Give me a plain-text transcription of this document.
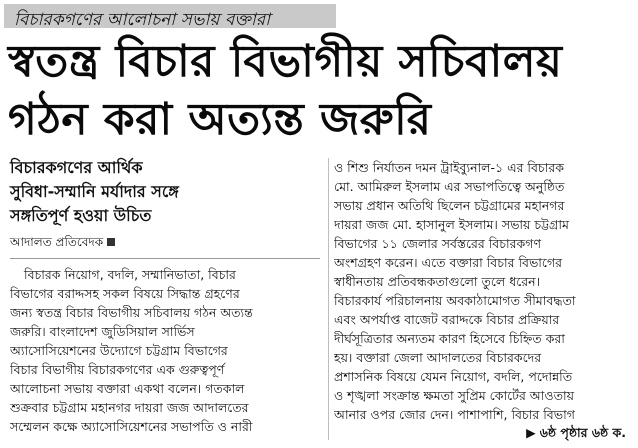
বিচারকগণের আলোচনা সভায় বক্তারা
স্বতন্ত্র বিচার বিভাগীয় সচিবালয়
গঠন করা অত্যন্ত জরুরি
বিচারকগণের আর্থিক
সুবিধা-সম্মানি মর্যাদার সঙ্গে
সঙ্গতিপূর্ণ হওয়া উচিত
আদালত প্রতিবেদক
বিচারক নিয়োগ, বদলি, সম্মানিভাতা, বিচার
বিভাগের বরাদ্দসহ সকল বিষয়ে সিদ্ধান্ত গ্রহণের
জন্য স্বতন্ত্র বিচার বিভাগীয় সচিবালয় গঠন অত্যন্ত
জরুরি। বাংলাদেশ জুডিসিয়াল সার্ভিস
অ্যাসোসিয়েশনের উদ্যোগে চট্টগ্রাম বিভাগের
বিচার বিভাগীয় বিচারকগণের এক গুরুত্বপূর্ণ
আলোচনা সভায় বক্তারা একথা বলেন। গতকাল
শুক্রবার চট্টগ্রাম মহানগর দায়রা জজ আদালতের
সম্মেলন কক্ষে অ্যাসোসিয়েশনের সভাপতি ও নারী
ও শিশু নির্যাতন দমন ট্রাইব্যুনাল-১ এর বিচারক
মো. আমিরুল ইসলাম এর সভাপতিত্বে অনুষ্ঠিত
সভায় প্রধান অতিথি ছিলেন চট্টগ্রামের মহানগর
দায়রা জজ মো. হাসানুল ইসলাম। সভায় চট্টগ্রাম
বিভাগের ১১ জেলার সর্বস্তরের বিচারকগণ
অংশগ্রহণ করেন। এতে বক্তারা বিচার বিভাগের
স্বাধীনতায় প্রতিবন্ধকতাগুলো তুলে ধরেন।
বিচারকার্য পরিচালনায় অবকাঠামোগত সীমাবদ্ধতা
এবং অপর্যাপ্ত বাজেট বরাদ্দকে বিচার প্রক্রিয়ার
দীর্ঘসূত্রিতার অন্যতম কারণ হিসেবে চিহ্নিত করা
হয়। বক্তারা জেলা আদালতের বিচারকদের
প্রশাসনিক বিষয়ে যেমন নিয়োগ, বদলি, পদোন্নতি
ও শৃঙ্খলা সংক্রান্ত ক্ষমতা সুপ্রিম কোর্টের আওতায়
আনার ওপর জোর দেন। পাশাপাশি, বিচার বিভাগ
▶ ৬ষ্ঠ পৃষ্ঠার ৬ষ্ঠ ক.
